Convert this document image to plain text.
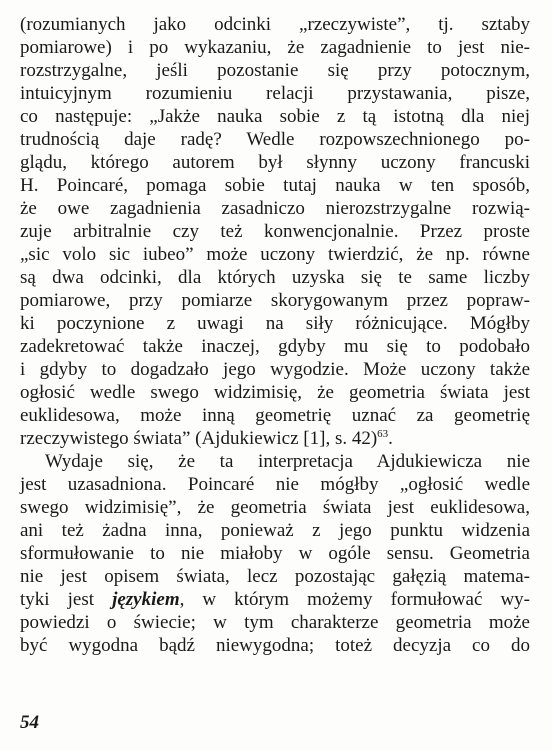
(rozumianych jako odcinki „rzeczywiste”, tj. sztaby
pomiarowe) i po wykazaniu, że zagadnienie to jest nie-
rozstrzygalne, jeśli pozostanie się przy potocznym,
intuicyjnym rozumieniu relacji przystawania, pisze,
co następuje: „Jakże nauka sobie z tą istotną dla niej
trudnością daje radę? Wedle rozpowszechnionego po-
glądu, którego autorem był słynny uczony francuski
H. Poincaré, pomaga sobie tutaj nauka w ten sposób,
że owe zagadnienia zasadniczo nierozstrzygalne rozwią-
zuje arbitralnie czy też konwencjonalnie. Przez proste
„sic volo sic iubeo” może uczony twierdzić, że np. równe
są dwa odcinki, dla których uzyska się te same liczby
pomiarowe, przy pomiarze skorygowanym przez popraw-
ki poczynione z uwagi na siły różnicujące. Mógłby
zadekretować także inaczej, gdyby mu się to podobało
i gdyby to dogadzało jego wygodzie. Może uczony także
ogłosić wedle swego widzimisię, że geometria świata jest
euklidesowa, może inną geometrię uznać za geometrię
rzeczywistego świata” (Ajdukiewicz [1], s. 42)$^{63}$.
Wydaje się, że ta interpretacja Ajdukiewicza nie
jest uzasadniona. Poincaré nie mógłby „ogłosić wedle
swego widzimisię”, że geometria świata jest euklidesowa,
ani też żadna inna, ponieważ z jego punktu widzenia
sformułowanie to nie miałoby w ogóle sensu. Geometria
nie jest opisem świata, lecz pozostając gałęzią matema-
tyki jest językiem, w którym możemy formułować wy-
powiedzi o świecie; w tym charakterze geometria może
być wygodna bądź niewygodna; toteż decyzja co do
54
